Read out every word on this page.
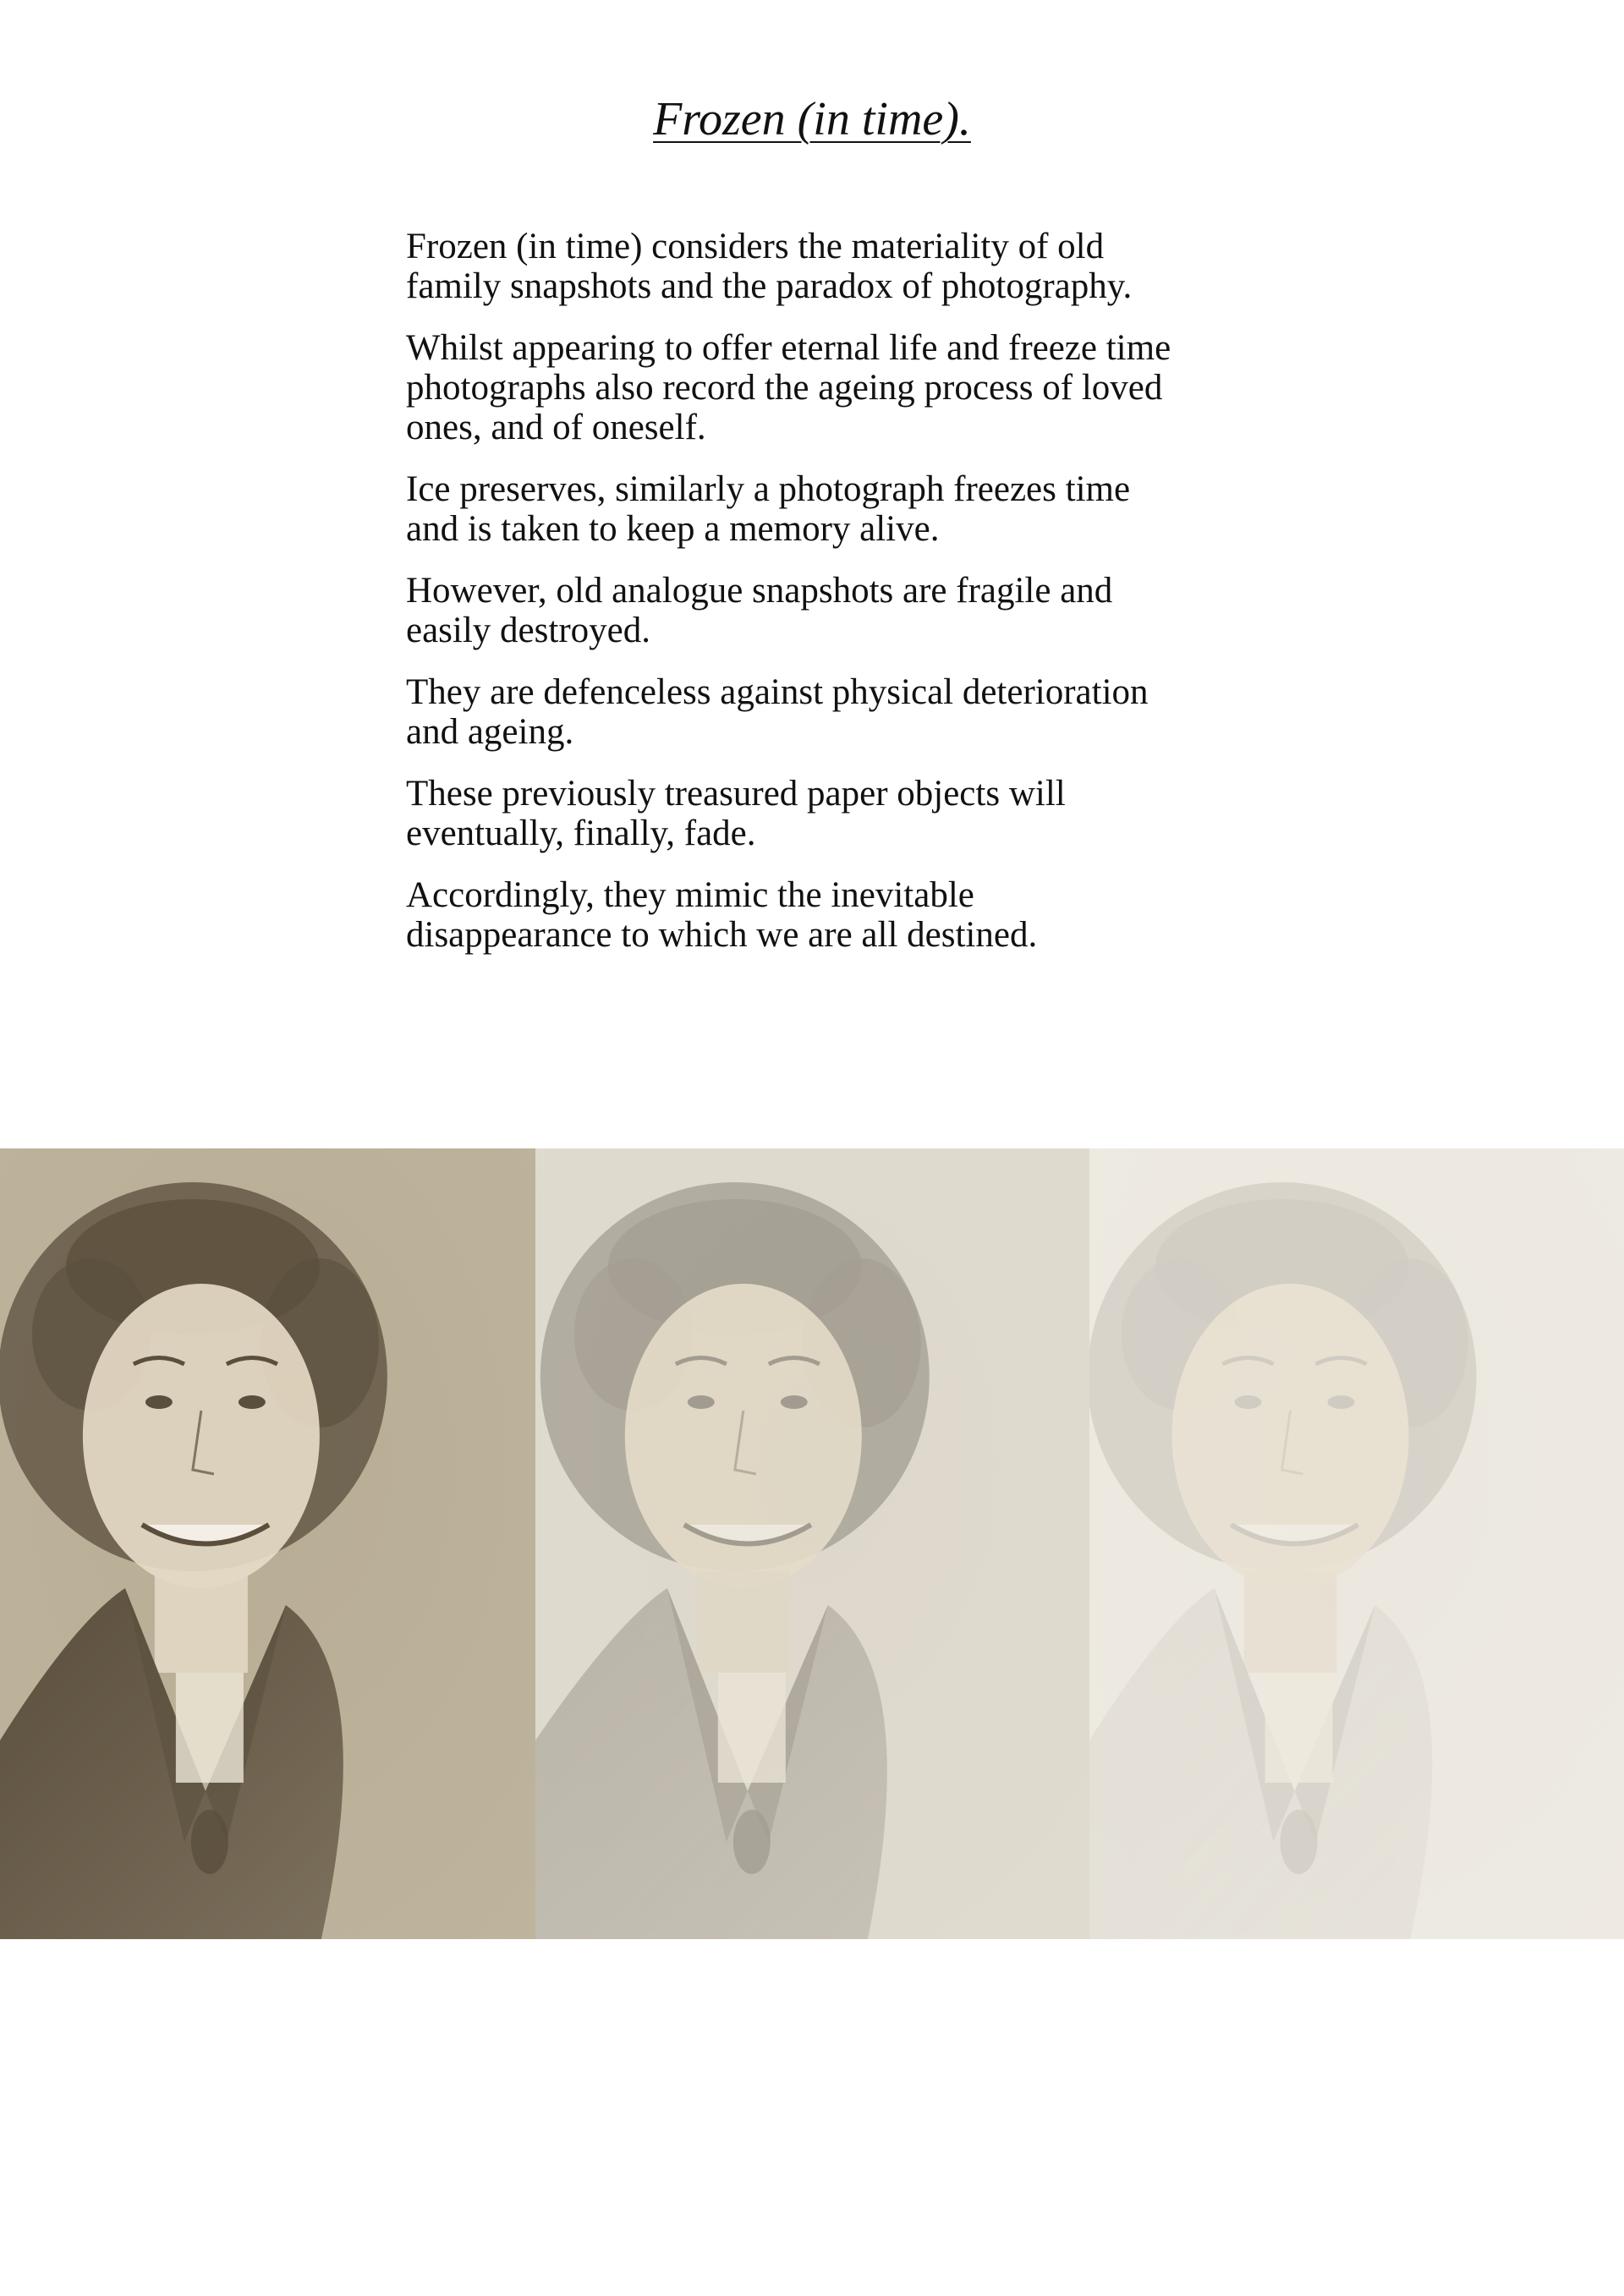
Frozen (in time).

Frozen (in time) considers the materiality of old
family snapshots and the paradox of photography.

Whilst appearing to offer eternal life and freeze time
photographs also record the ageing process of loved
ones, and of oneself.

Ice preserves, similarly a photograph freezes time
and is taken to keep a memory alive.

However, old analogue snapshots are fragile and
easily destroyed.

They are defenceless against physical deterioration
and ageing.

These previously treasured paper objects will
eventually, finally, fade.

Accordingly, they mimic the inevitable
disappearance to which we are all destined.
